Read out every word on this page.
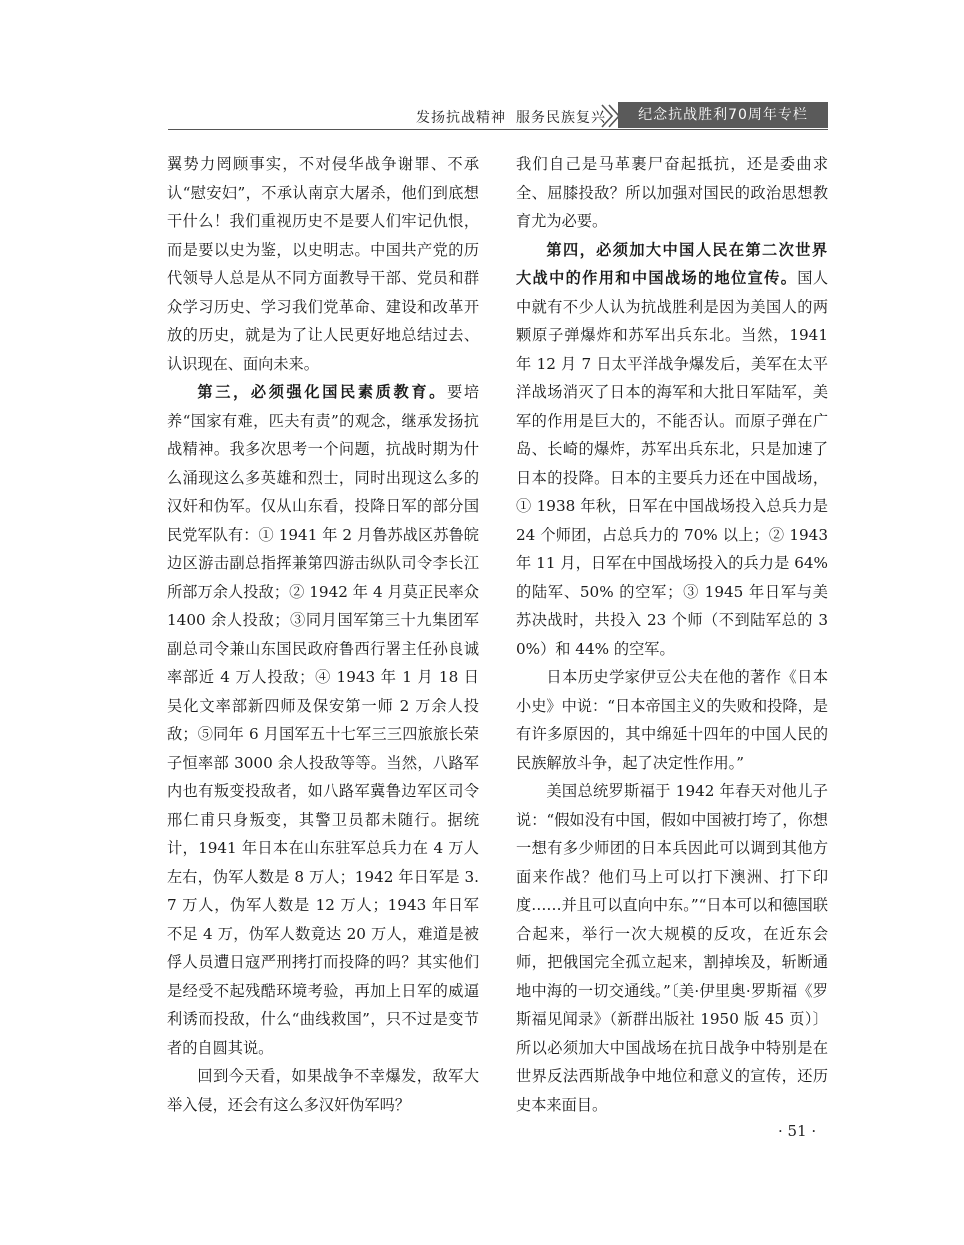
发扬抗战精神 服务民族复兴	纪念抗战胜利70周年专栏

翼势力罔顾事实，不对侵华战争谢罪、不承认“慰安妇”，不承认南京大屠杀，他们到底想干什么！我们重视历史不是要人们牢记仇恨，而是要以史为鉴，以史明志。中国共产党的历代领导人总是从不同方面教导干部、党员和群众学习历史、学习我们党革命、建设和改革开放的历史，就是为了让人民更好地总结过去、认识现在、面向未来。

第三，必须强化国民素质教育。要培养“国家有难，匹夫有责”的观念，继承发扬抗战精神。我多次思考一个问题，抗战时期为什么涌现这么多英雄和烈士，同时出现这么多的汉奸和伪军。仅从山东看，投降日军的部分国民党军队有：① 1941 年 2 月鲁苏战区苏鲁皖边区游击副总指挥兼第四游击纵队司令李长江所部万余人投敌；② 1942 年 4 月莫正民率众 1400 余人投敌；③同月国军第三十九集团军副总司令兼山东国民政府鲁西行署主任孙良诚率部近 4 万人投敌；④ 1943 年 1 月 18 日吴化文率部新四师及保安第一师 2 万余人投敌；⑤同年 6 月国军五十七军三三四旅旅长荣子恒率部 3000 余人投敌等等。当然，八路军内也有叛变投敌者，如八路军冀鲁边军区司令邢仁甫只身叛变，其警卫员都未随行。据统计，1941 年日本在山东驻军总兵力在 4 万人左右，伪军人数是 8 万人；1942 年日军是 3.7 万人，伪军人数是 12 万人；1943 年日军不足 4 万，伪军人数竟达 20 万人，难道是被俘人员遭日寇严刑拷打而投降的吗？其实他们是经受不起残酷环境考验，再加上日军的威逼利诱而投敌，什么“曲线救国”，只不过是变节者的自圆其说。

回到今天看，如果战争不幸爆发，敌军大举入侵，还会有这么多汉奸伪军吗？

我们自己是马革裹尸奋起抵抗，还是委曲求全、屈膝投敌？所以加强对国民的政治思想教育尤为必要。

第四，必须加大中国人民在第二次世界大战中的作用和中国战场的地位宣传。国人中就有不少人认为抗战胜利是因为美国人的两颗原子弹爆炸和苏军出兵东北。当然，1941 年 12 月 7 日太平洋战争爆发后，美军在太平洋战场消灭了日本的海军和大批日军陆军，美军的作用是巨大的，不能否认。而原子弹在广岛、长崎的爆炸，苏军出兵东北，只是加速了日本的投降。日本的主要兵力还在中国战场，① 1938 年秋，日军在中国战场投入总兵力是 24 个师团，占总兵力的 70% 以上；② 1943 年 11 月，日军在中国战场投入的兵力是 64% 的陆军、50% 的空军；③ 1945 年日军与美苏决战时，共投入 23 个师（不到陆军总的 30%）和 44% 的空军。

日本历史学家伊豆公夫在他的著作《日本小史》中说：“日本帝国主义的失败和投降，是有许多原因的，其中绵延十四年的中国人民的民族解放斗争，起了决定性作用。”

美国总统罗斯福于 1942 年春天对他儿子说：“假如没有中国，假如中国被打垮了，你想一想有多少师团的日本兵因此可以调到其他方面来作战？他们马上可以打下澳洲、打下印度……并且可以直向中东。”“日本可以和德国联合起来，举行一次大规模的反攻，在近东会师，把俄国完全孤立起来，割掉埃及，斩断通地中海的一切交通线。”〔美·伊里奥·罗斯福《罗斯福见闻录》（新群出版社 1950 版 45 页）〕所以必须加大中国战场在抗日战争中特别是在世界反法西斯战争中地位和意义的宣传，还历史本来面目。

· 51 ·
